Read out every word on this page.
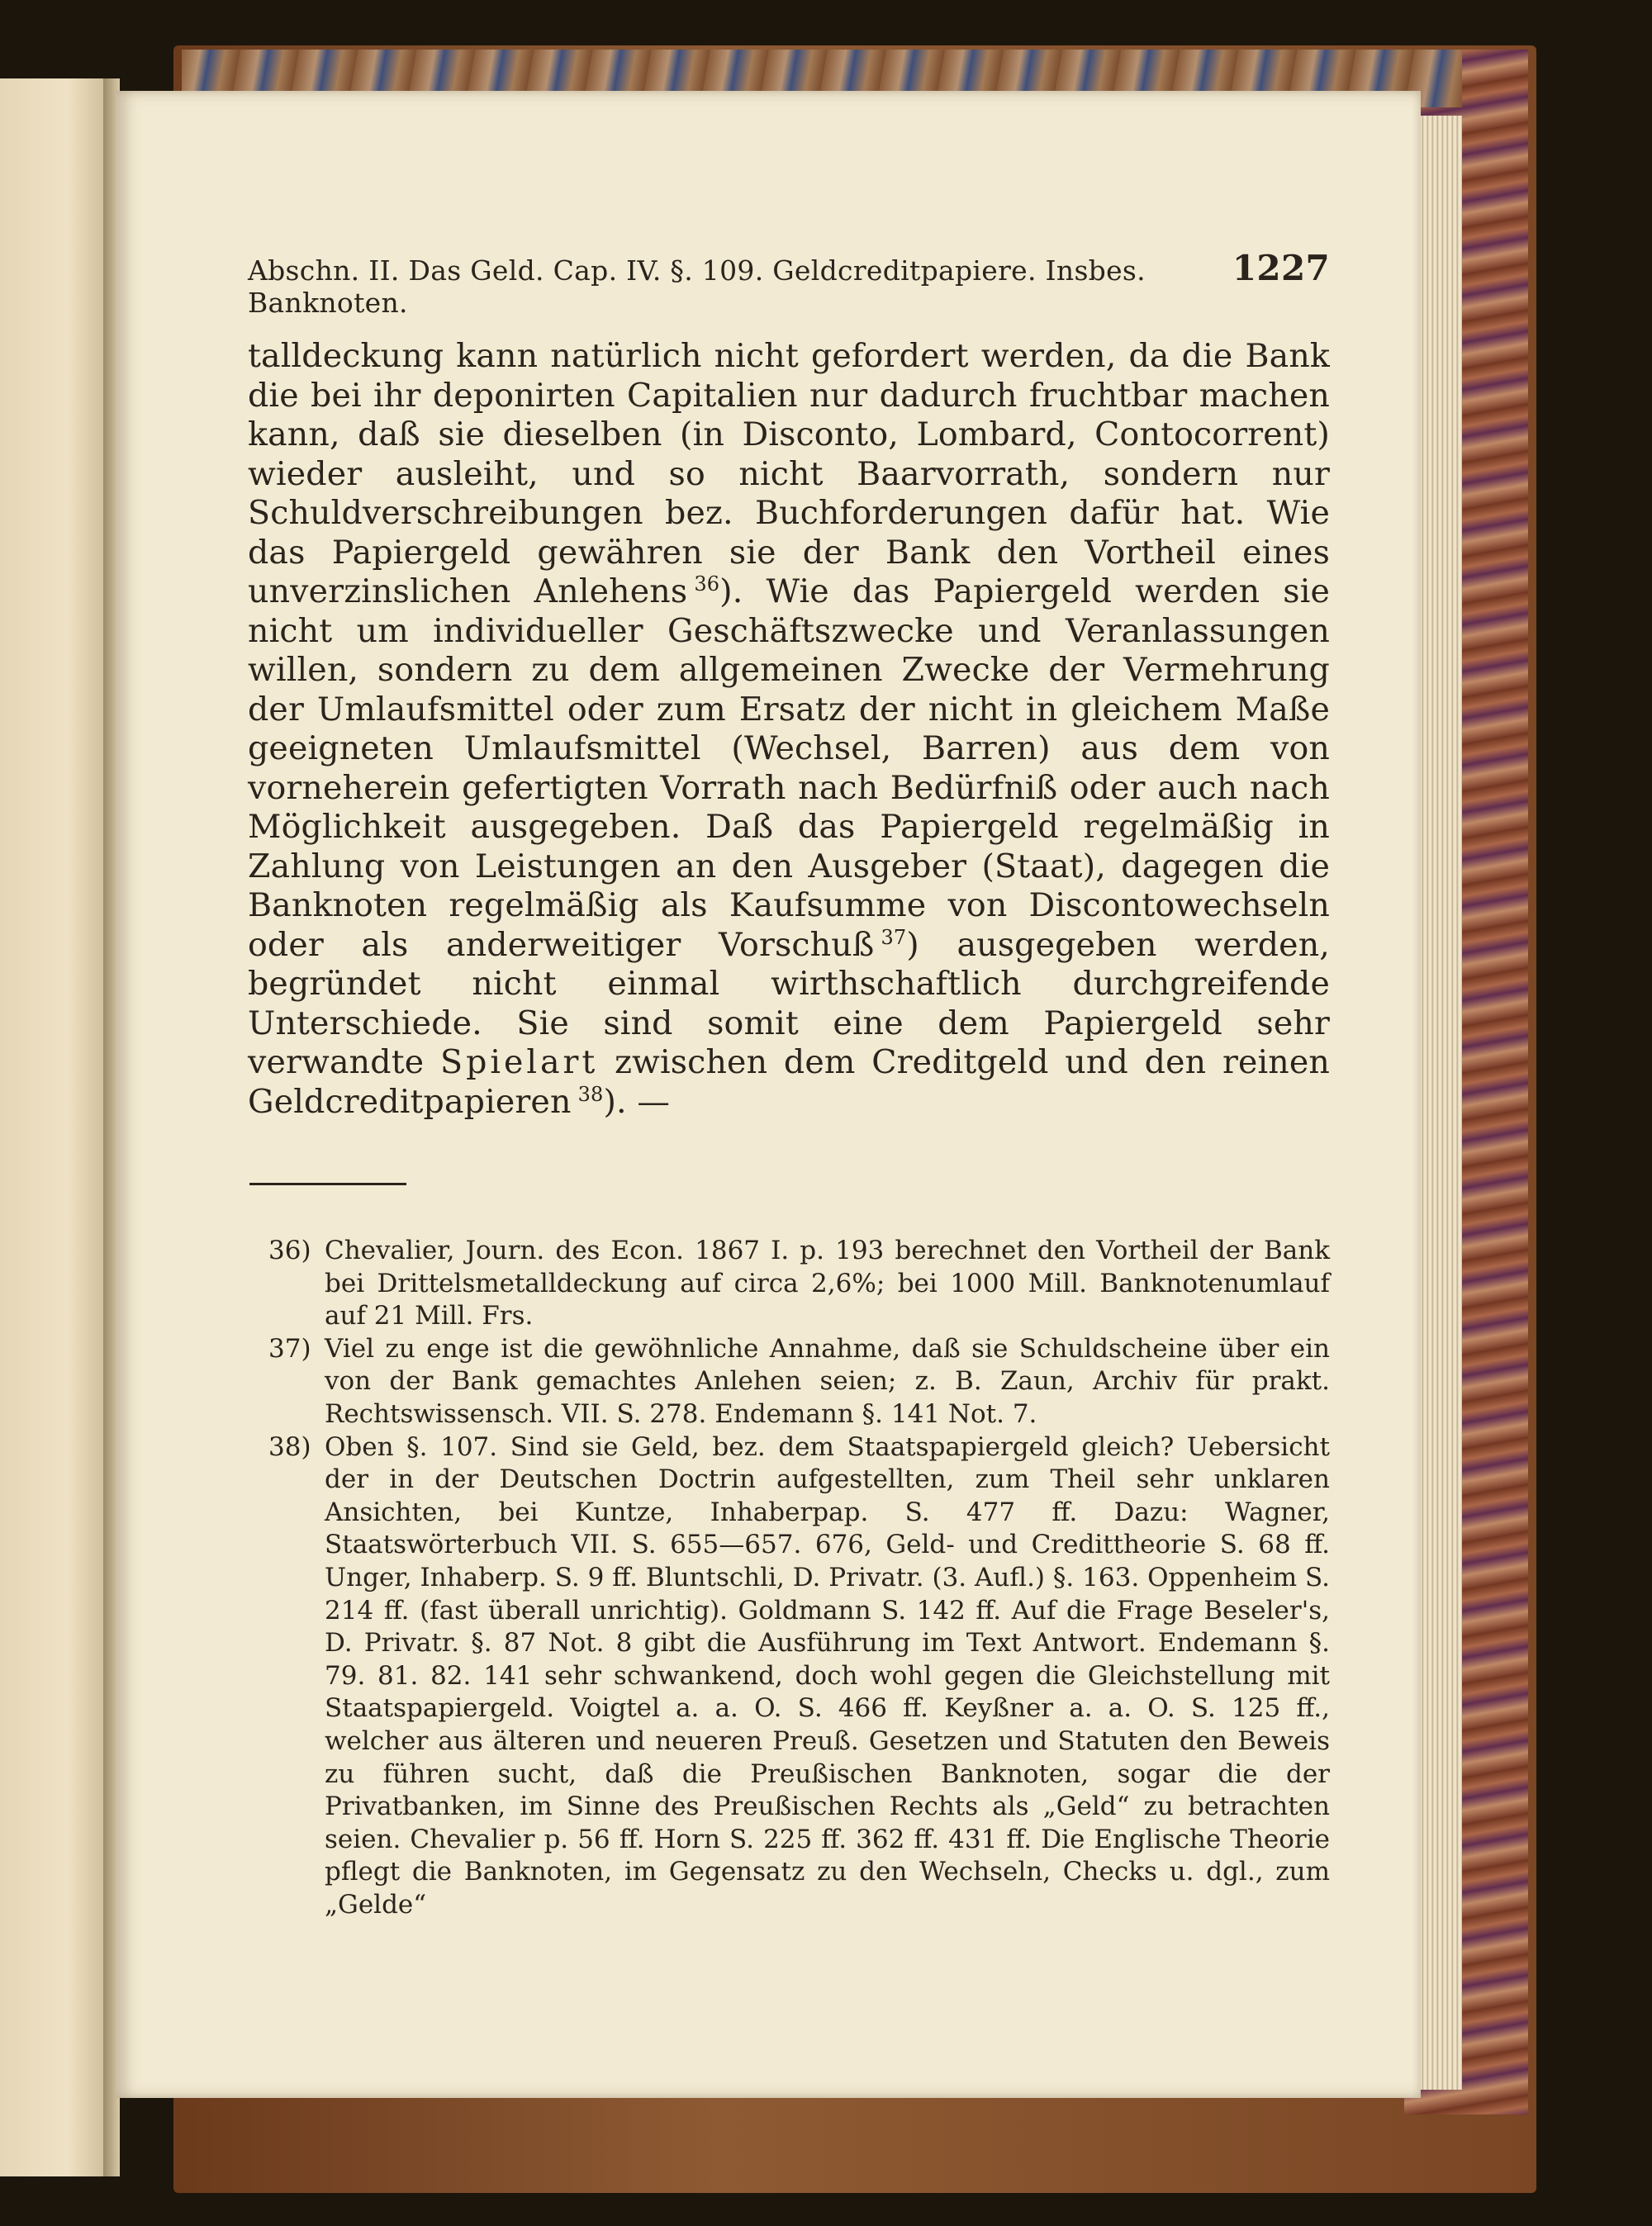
Abschn. II. Das Geld. Cap. IV. §. 109. Geldcreditpapiere. Insbes. Banknoten.
1227
talldeckung kann natürlich nicht gefordert werden, da die Bank die bei ihr deponirten Capitalien nur dadurch fruchtbar machen kann, daß sie dieselben (in Disconto, Lombard, Contocorrent) wieder ausleiht, und so nicht Baarvorrath, sondern nur Schuldverschreibungen bez. Buchforderungen dafür hat. Wie das Papiergeld gewähren sie der Bank den Vortheil eines unverzinslichen Anlehens  $^{36}$). Wie das Papiergeld werden sie nicht um individueller Geschäftszwecke und Veranlassungen willen, sondern zu dem allgemeinen Zwecke der Vermehrung der Umlaufsmittel oder zum Ersatz der nicht in gleichem Maße geeigneten Umlaufsmittel (Wechsel, Barren) aus dem von vorneherein gefertigten Vorrath nach Bedürfniß oder auch nach Möglichkeit ausgegeben. Daß das Papiergeld regelmäßig in Zahlung von Leistungen an den Ausgeber (Staat), dagegen die Banknoten regelmäßig als Kaufsumme von Discontowechseln oder als anderweitiger Vorschuß  $^{37}$) ausgegeben werden, begründet nicht einmal wirthschaftlich durchgreifende Unterschiede. Sie sind somit eine dem Papiergeld sehr verwandte Spielart zwischen dem Creditgeld und den reinen Geldcreditpapieren  $^{38}$). —
36) Chevalier, Journ. des Econ. 1867 I. p. 193 berechnet den Vortheil der Bank bei Drittelsmetalldeckung auf circa 2,6%; bei 1000 Mill. Banknotenumlauf auf 21 Mill. Frs.
37) Viel zu enge ist die gewöhnliche Annahme, daß sie Schuldscheine über ein von der Bank gemachtes Anlehen seien; z. B. Zaun, Archiv für prakt. Rechtswissensch. VII. S. 278. Endemann §. 141 Not. 7.
38) Oben §. 107. Sind sie Geld, bez. dem Staatspapiergeld gleich? Uebersicht der in der Deutschen Doctrin aufgestellten, zum Theil sehr unklaren Ansichten, bei Kuntze, Inhaberpap. S. 477 ff. Dazu: Wagner, Staatswörterbuch VII. S. 655—657. 676, Geld- und Credittheorie S. 68 ff. Unger, Inhaberp. S. 9 ff. Bluntschli, D. Privatr. (3. Aufl.) §. 163. Oppenheim S. 214 ff. (fast überall unrichtig). Goldmann S. 142 ff. Auf die Frage Beseler's, D. Privatr. §. 87 Not. 8 gibt die Ausführung im Text Antwort. Endemann §. 79. 81. 82. 141 sehr schwankend, doch wohl gegen die Gleichstellung mit Staatspapiergeld. Voigtel a. a. O. S. 466 ff. Keyßner a. a. O. S. 125 ff., welcher aus älteren und neueren Preuß. Gesetzen und Statuten den Beweis zu führen sucht, daß die Preußischen Banknoten, sogar die der Privatbanken, im Sinne des Preußischen Rechts als „Geld“ zu betrachten seien. Chevalier p. 56 ff. Horn S. 225 ff. 362 ff. 431 ff. Die Englische Theorie pflegt die Banknoten, im Gegensatz zu den Wechseln, Checks u. dgl., zum „Gelde“
